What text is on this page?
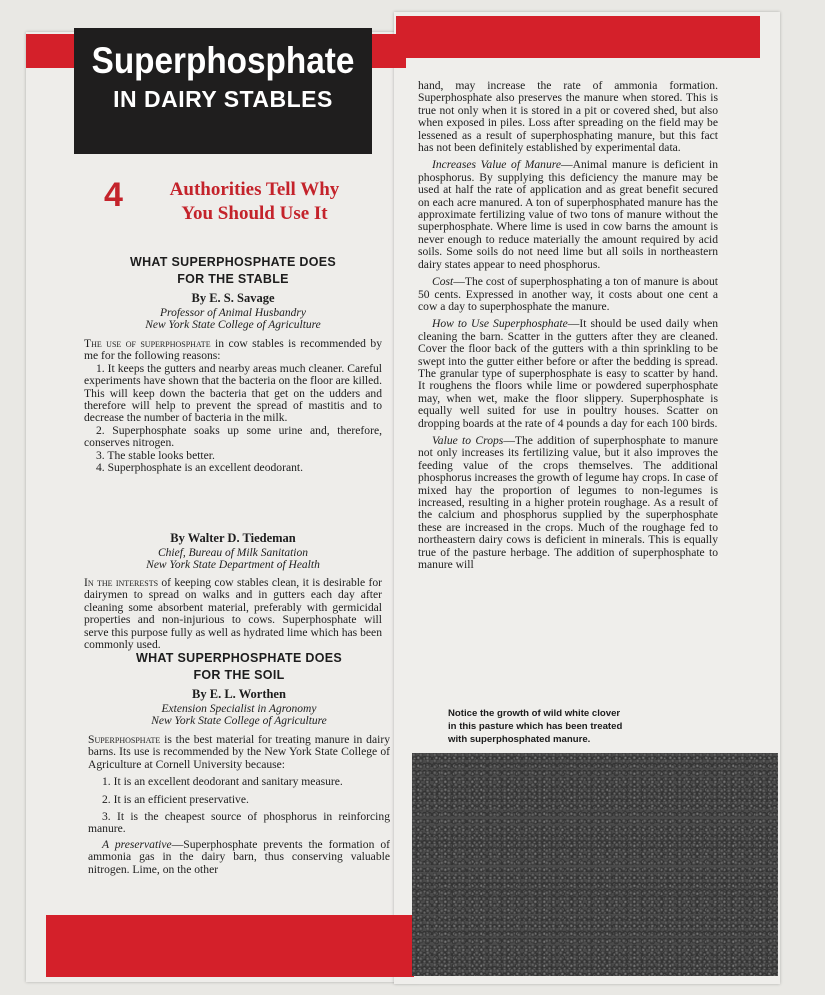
Superphosphate
IN DAIRY STABLES
4	Authorities Tell Why
You Should Use It
WHAT SUPERPHOSPHATE DOES
FOR THE STABLE
By E. S. Savage
Professor of Animal Husbandry
New York State College of Agriculture

The use of superphosphate in cow stables is recommended by me for the following reasons:

1. It keeps the gutters and nearby areas much cleaner. Careful experiments have shown that the bacteria on the floor are killed. This will keep down the bacteria that get on the udders and therefore will help to prevent the spread of mastitis and to decrease the number of bacteria in the milk.

2. Superphosphate soaks up some urine and, therefore, conserves nitrogen.

3. The stable looks better.

4. Superphosphate is an excellent deodorant.

By Walter D. Tiedeman
Chief, Bureau of Milk Sanitation
New York State Department of Health

In the interests of keeping cow stables clean, it is desirable for dairymen to spread on walks and in gutters each day after cleaning some absorbent material, preferably with germicidal properties and non-injurious to cows. Superphosphate will serve this purpose fully as well as hydrated lime which has been commonly used.

WHAT SUPERPHOSPHATE DOES
FOR THE SOIL
By E. L. Worthen
Extension Specialist in Agronomy
New York State College of Agriculture

Superphosphate is the best material for treating manure in dairy barns. Its use is recommended by the New York State College of Agriculture at Cornell University because:

1. It is an excellent deodorant and sanitary measure.

2. It is an efficient preservative.

3. It is the cheapest source of phosphorus in reinforcing manure.

A preservative—Superphosphate prevents the formation of ammonia gas in the dairy barn, thus conserving valuable nitrogen. Lime, on the other

hand, may increase the rate of ammonia formation. Superphosphate also preserves the manure when stored. This is true not only when it is stored in a pit or covered shed, but also when exposed in piles. Loss after spreading on the field may be lessened as a result of superphosphating manure, but this fact has not been definitely established by experimental data.

Increases Value of Manure—Animal manure is deficient in phosphorus. By supplying this deficiency the manure may be used at half the rate of application and as great benefit secured on each acre manured. A ton of superphosphated manure has the approximate fertilizing value of two tons of manure without the superphosphate. Where lime is used in cow barns the amount is never enough to reduce materially the amount required by acid soils. Some soils do not need lime but all soils in northeastern dairy states appear to need phosphorus.

Cost—The cost of superphosphating a ton of manure is about 50 cents. Expressed in another way, it costs about one cent a cow a day to superphosphate the manure.

How to Use Superphosphate—It should be used daily when cleaning the barn. Scatter in the gutters after they are cleaned. Cover the floor back of the gutters with a thin sprinkling to be swept into the gutter either before or after the bedding is spread. The granular type of superphosphate is easy to scatter by hand. It roughens the floors while lime or powdered superphosphate may, when wet, make the floor slippery. Superphosphate is equally well suited for use in poultry houses. Scatter on dropping boards at the rate of 4 pounds a day for each 100 birds.

Value to Crops—The addition of superphosphate to manure not only increases its fertilizing value, but it also improves the feeding value of the crops themselves. The additional phosphorus increases the growth of legume hay crops. In case of mixed hay the proportion of legumes to non-legumes is increased, resulting in a higher protein roughage. As a result of the calcium and phosphorus supplied by the superphosphate these are increased in the crops. Much of the roughage fed to northeastern dairy cows is deficient in minerals. This is equally true of the pasture herbage. The addition of superphosphate to manure will

Notice the growth of wild white clover
in this pasture which has been treated
with superphosphated manure.
